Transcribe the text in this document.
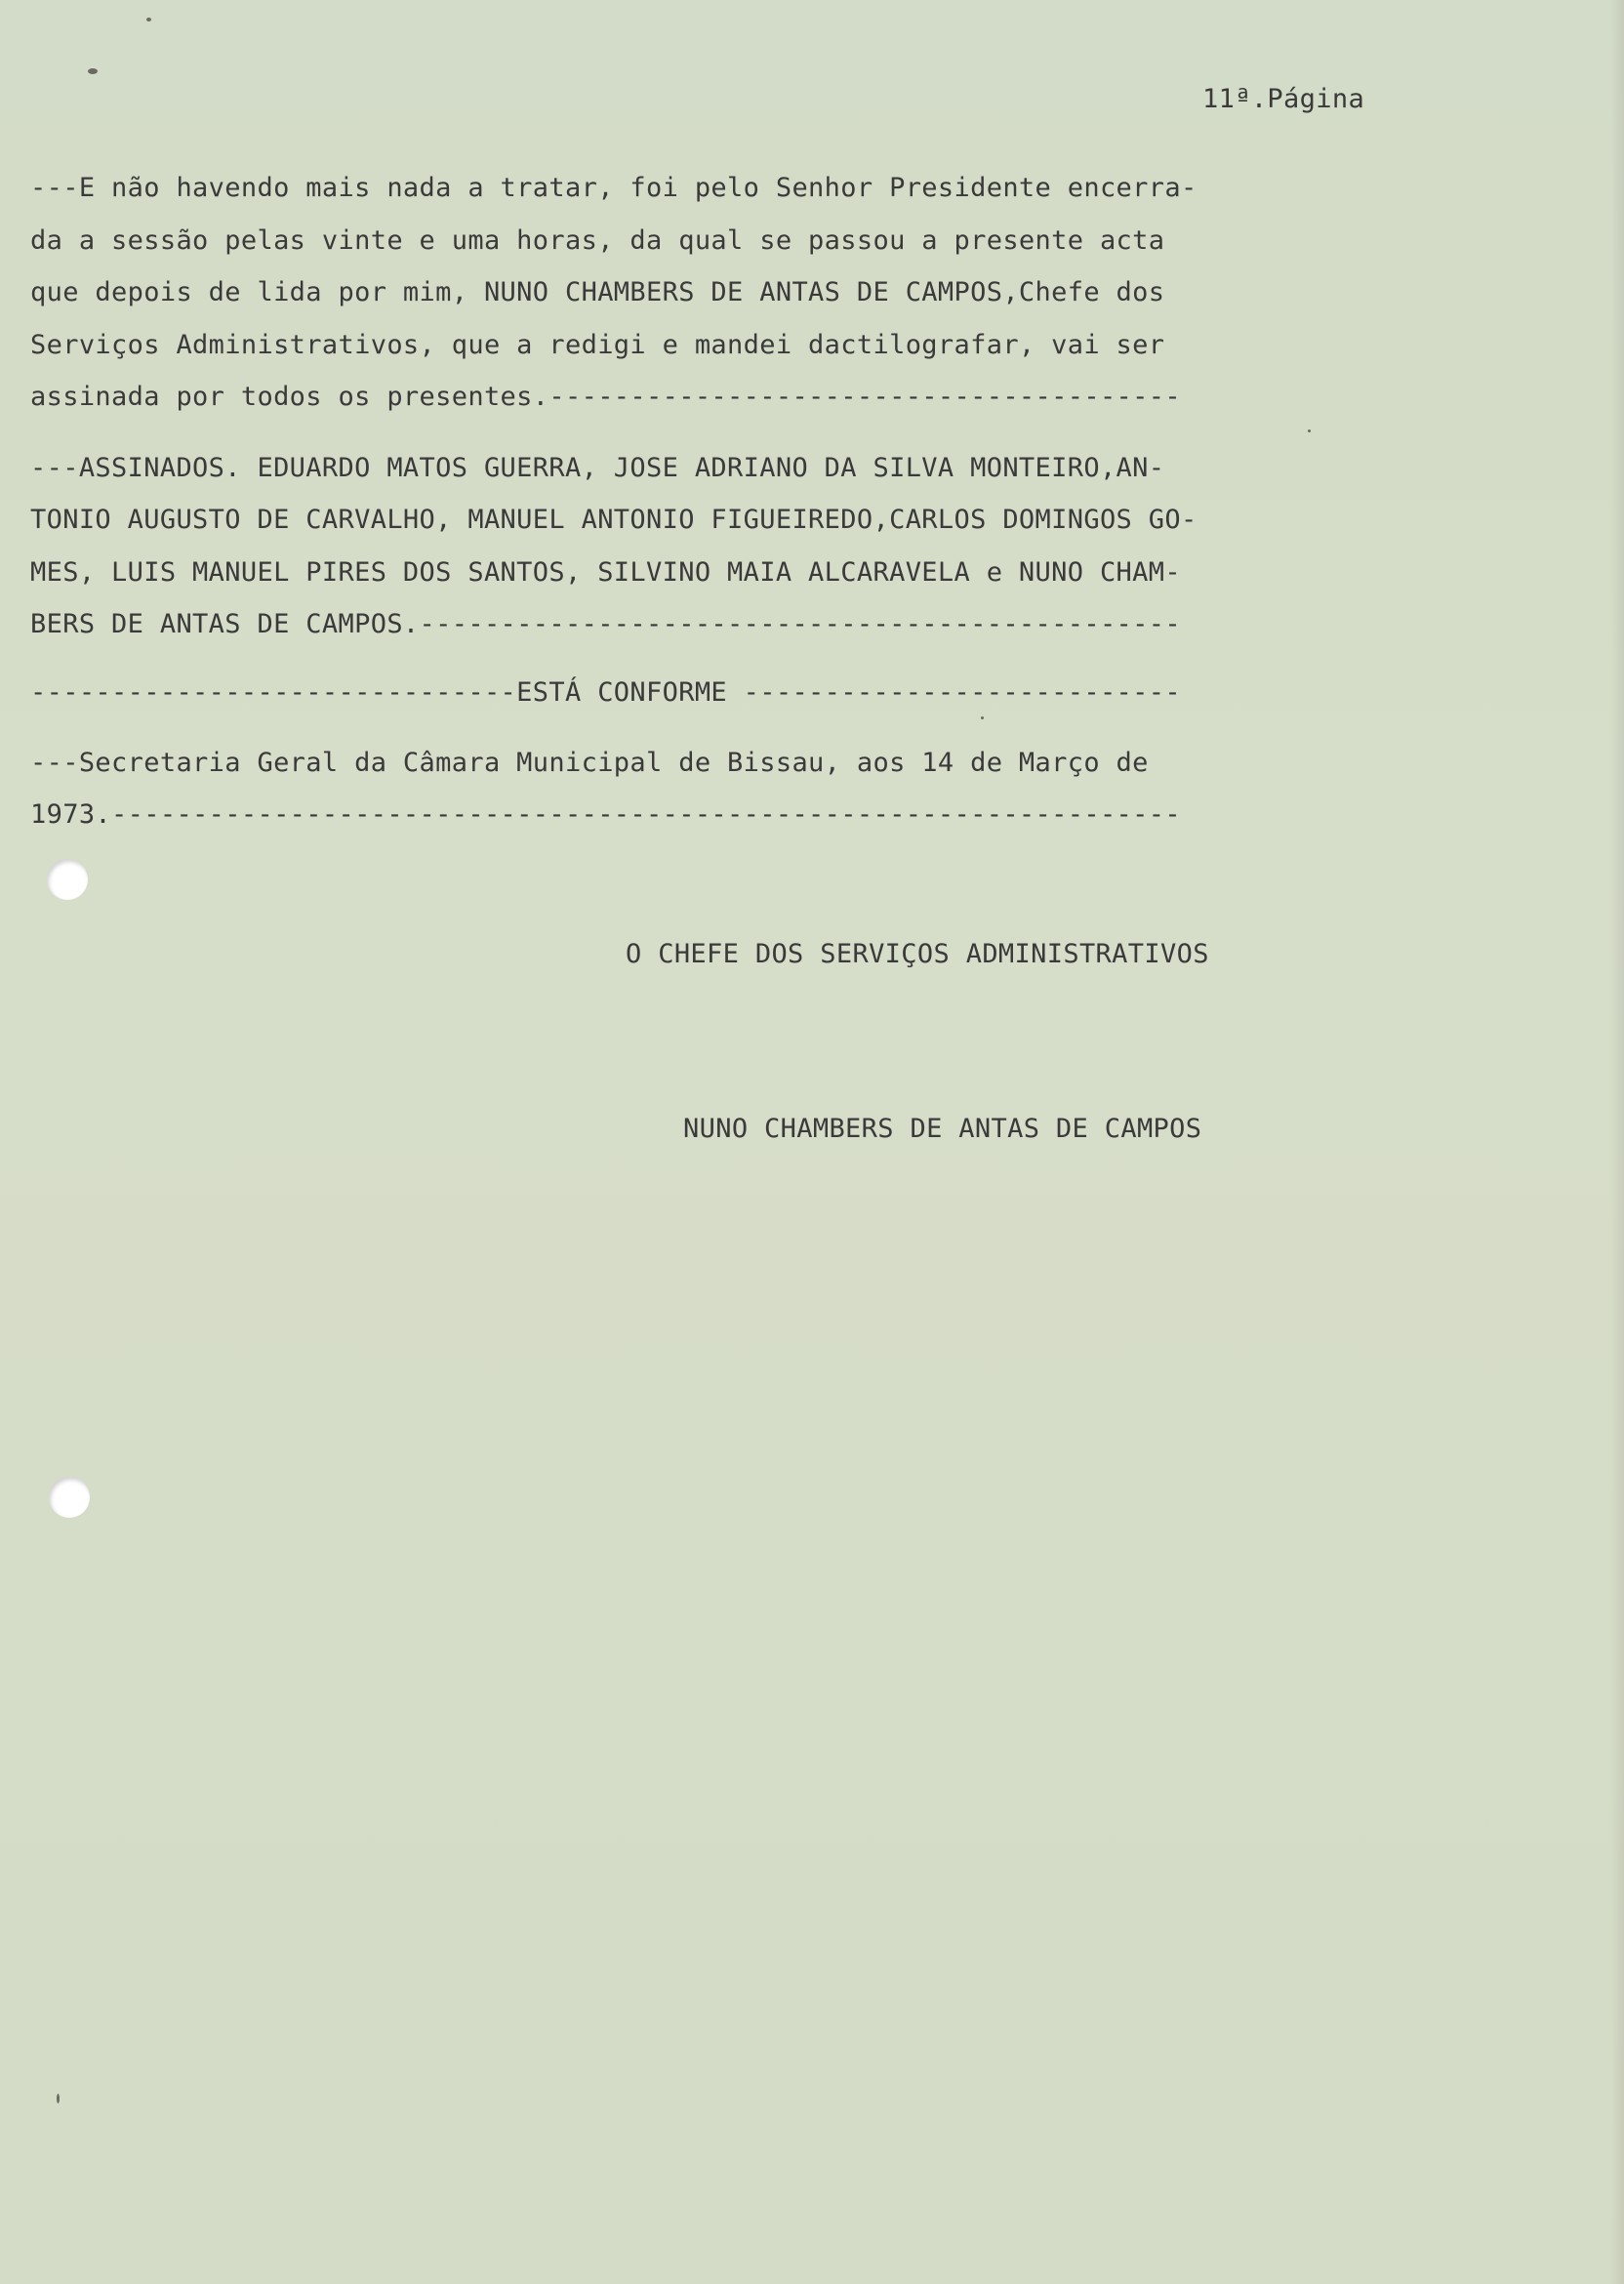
11ª.Página

---E não havendo mais nada a tratar, foi pelo Senhor Presidente encerra-

da a sessão pelas vinte e uma horas, da qual se passou a presente acta

que depois de lida por mim, NUNO CHAMBERS DE ANTAS DE CAMPOS,Chefe dos

Serviços Administrativos, que a redigi e mandei dactilografar, vai ser

assinada por todos os presentes.---------------------------------------

---ASSINADOS. EDUARDO MATOS GUERRA, JOSE ADRIANO DA SILVA MONTEIRO,AN-

TONIO AUGUSTO DE CARVALHO, MANUEL ANTONIO FIGUEIREDO,CARLOS DOMINGOS GO-

MES, LUIS MANUEL PIRES DOS SANTOS, SILVINO MAIA ALCARAVELA e NUNO CHAM-

BERS DE ANTAS DE CAMPOS.-----------------------------------------------

------------------------------ESTÁ CONFORME ---------------------------

---Secretaria Geral da Câmara Municipal de Bissau, aos 14 de Março de

1973.------------------------------------------------------------------

O CHEFE DOS SERVIÇOS ADMINISTRATIVOS

NUNO CHAMBERS DE ANTAS DE CAMPOS
